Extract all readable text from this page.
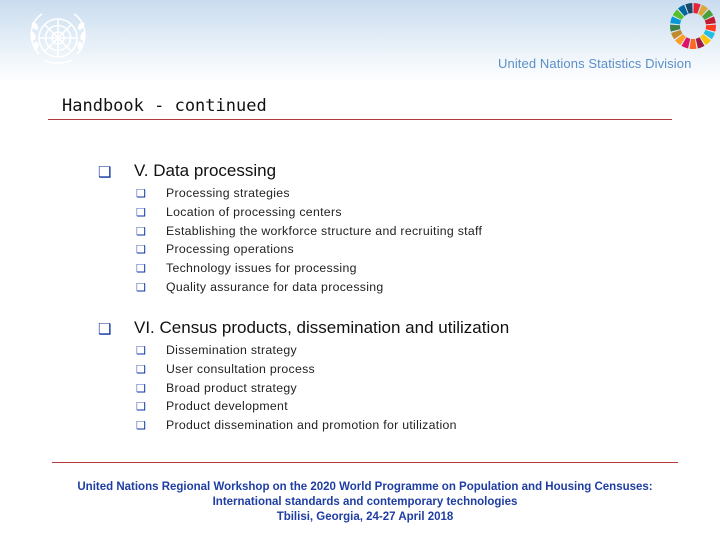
United Nations Statistics Division
Handbook - continued
❑ V. Data processing
❑ Processing strategies
❑ Location of processing centers
❑ Establishing the workforce structure and recruiting staff
❑ Processing operations
❑ Technology issues for processing
❑ Quality assurance for data processing
❑ VI. Census products, dissemination and utilization
❑ Dissemination strategy
❑ User consultation process
❑ Broad product strategy
❑ Product development
❑ Product dissemination and promotion for utilization
United Nations Regional Workshop on the 2020 World Programme on Population and Housing Censuses:
International standards and contemporary technologies
Tbilisi, Georgia, 24-27 April 2018
